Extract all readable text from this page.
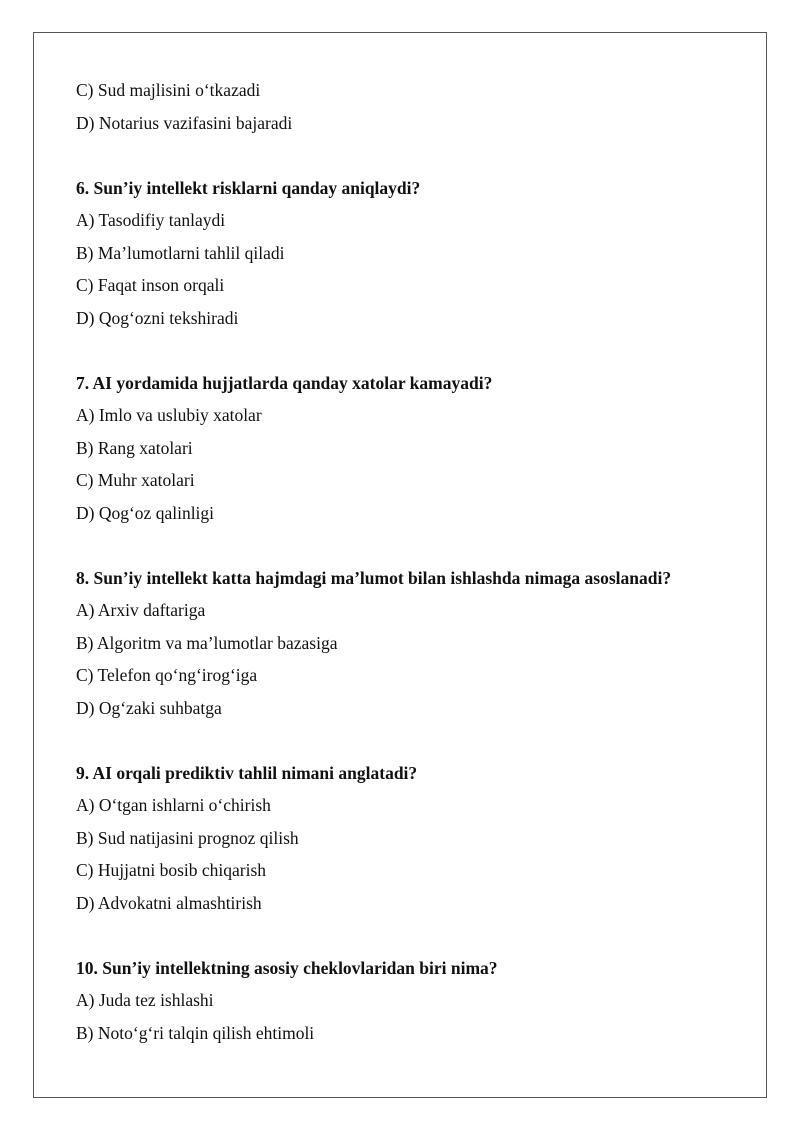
C) Sud majlisini o‘tkazadi
D) Notarius vazifasini bajaradi
6. Sun’iy intellekt risklarni qanday aniqlaydi?
A) Tasodifiy tanlaydi
B) Ma’lumotlarni tahlil qiladi
C) Faqat inson orqali
D) Qog‘ozni tekshiradi
7. AI yordamida hujjatlarda qanday xatolar kamayadi?
A) Imlo va uslubiy xatolar
B) Rang xatolari
C) Muhr xatolari
D) Qog‘oz qalinligi
8. Sun’iy intellekt katta hajmdagi ma’lumot bilan ishlashda nimaga asoslanadi?
A) Arxiv daftariga
B) Algoritm va ma’lumotlar bazasiga
C) Telefon qo‘ng‘irog‘iga
D) Og‘zaki suhbatga
9. AI orqali prediktiv tahlil nimani anglatadi?
A) O‘tgan ishlarni o‘chirish
B) Sud natijasini prognoz qilish
C) Hujjatni bosib chiqarish
D) Advokatni almashtirish
10. Sun’iy intellektning asosiy cheklovlaridan biri nima?
A) Juda tez ishlashi
B) Noto‘g‘ri talqin qilish ehtimoli
